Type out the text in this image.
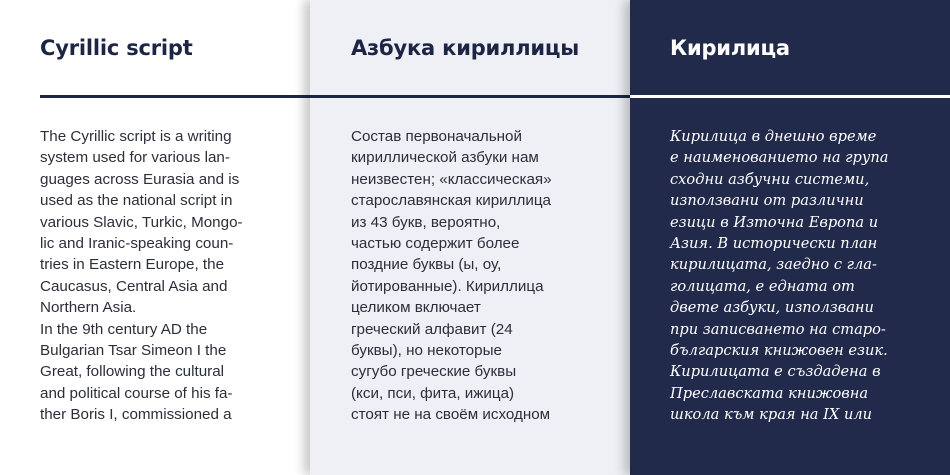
Cyrillic script
The Cyrillic script is a writing
system used for various lan-
guages across Eurasia and is
used as the national script in
various Slavic, Turkic, Mongo-
lic and Iranic-speaking coun-
tries in Eastern Europe, the
Caucasus, Central Asia and
Northern Asia.
In the 9th century AD the
Bulgarian Tsar Simeon I the
Great, following the cultural
and political course of his fa-
ther Boris I, commissioned a
Азбука кириллицы
Состав первоначальной
кириллической азбуки нам
неизвестен; «классическая»
старославянская кириллица
из 43 букв, вероятно,
частью содержит более
поздние буквы (ы, оу,
йотированные). Кириллица
целиком включает
греческий алфавит (24
буквы), но некоторые
сугубо греческие буквы
(кси, пси, фита, ижица)
стоят не на своём исходном
Кирилица
Кирилица в днешно време
е наименованието на група
сходни азбучни системи,
използвани от различни
езици в Източна Европа и
Азия. В исторически план
кирилицата, заедно с гла-
голицата, е едната от
двете азбуки, използвани
при записването на старо-
българския книжовен език.
Кирилицата е създадена в
Преславската книжовна
школа към края на IX или
